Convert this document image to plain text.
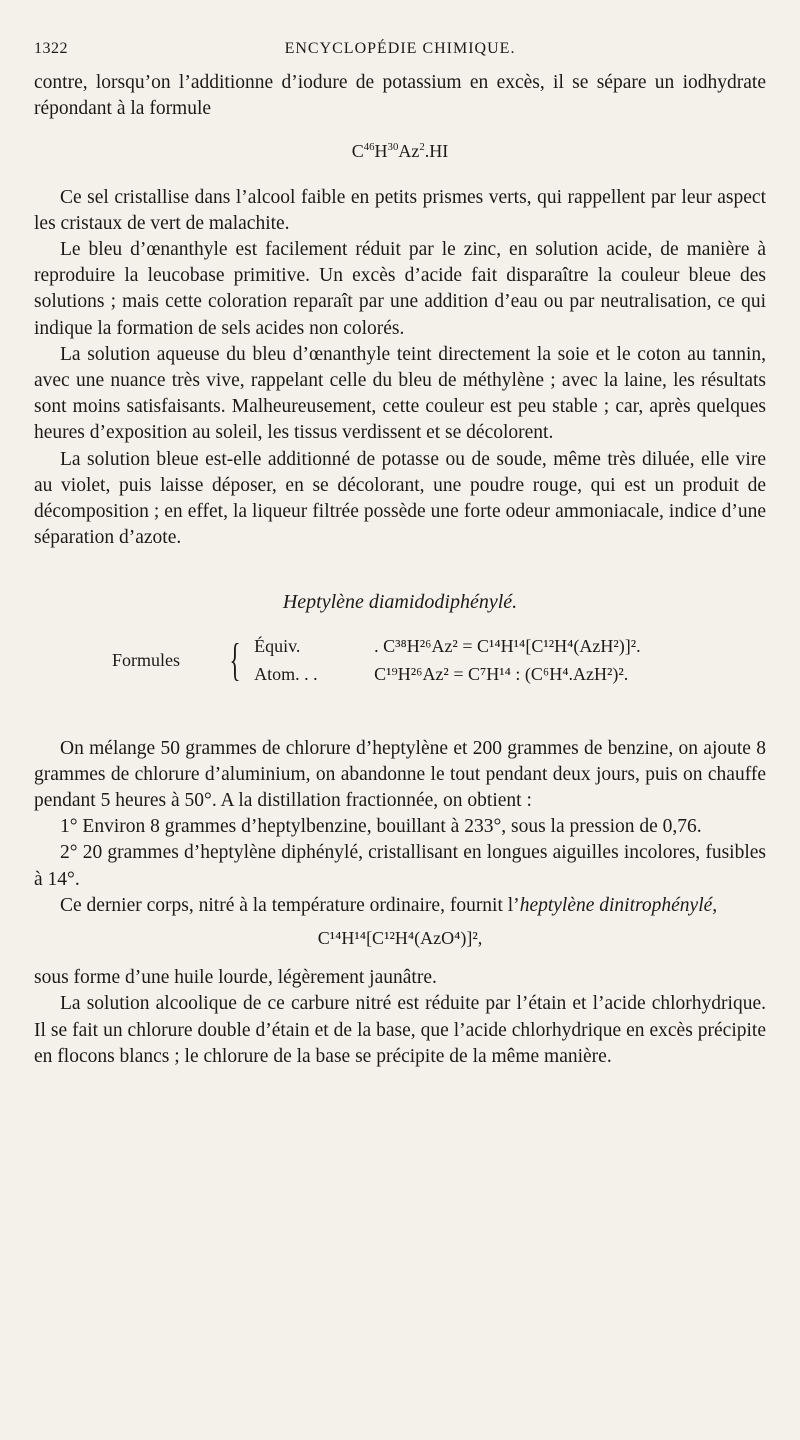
1322	ENCYCLOPÉDIE CHIMIQUE.

contre, lorsqu’on l’additionne d’iodure de potassium en excès, il se sépare un iodhydrate répondant à la formule

$C^{46}H^{30}Az^2.HI$

Ce sel cristallise dans l’alcool faible en petits prismes verts, qui rappellent par leur aspect les cristaux de vert de malachite.

Le bleu d’œnanthyle est facilement réduit par le zinc, en solution acide, de manière à reproduire la leucobase primitive. Un excès d’acide fait disparaître la couleur bleue des solutions ; mais cette coloration reparaît par une addition d’eau ou par neutralisation, ce qui indique la formation de sels acides non colorés.

La solution aqueuse du bleu d’œnanthyle teint directement la soie et le coton au tannin, avec une nuance très vive, rappelant celle du bleu de méthylène ; avec la laine, les résultats sont moins satisfaisants. Malheureusement, cette couleur est peu stable ; car, après quelques heures d’exposition au soleil, les tissus verdissent et se décolorent.

La solution bleue est-elle additionné de potasse ou de soude, même très diluée, elle vire au violet, puis laisse déposer, en se décolorant, une poudre rouge, qui est un produit de décomposition ; en effet, la liqueur filtrée possède une forte odeur ammoniacale, indice d’une séparation d’azote.

Heptylène diamidodiphénylé.
Formules	{ Équiv.	. C³⁸H²⁶Az² = C¹⁴H¹⁴[C¹²H⁴(AzH²)]².
Atom. . .	C¹⁹H²⁶Az² = C⁷H¹⁴ : (C⁶H⁴.AzH²)².

On mélange 50 grammes de chlorure d’heptylène et 200 grammes de benzine, on ajoute 8 grammes de chlorure d’aluminium, on abandonne le tout pendant deux jours, puis on chauffe pendant 5 heures à 50°. A la distillation fractionnée, on obtient :

1° Environ 8 grammes d’heptylbenzine, bouillant à 233°, sous la pression de 0,76.

2° 20 grammes d’heptylène diphénylé, cristallisant en longues aiguilles incolores, fusibles à 14°.

Ce dernier corps, nitré à la température ordinaire, fournit l’heptylène dinitrophénylé,

C¹⁴H¹⁴[C¹²H⁴(AzO⁴)]²,

sous forme d’une huile lourde, légèrement jaunâtre.

La solution alcoolique de ce carbure nitré est réduite par l’étain et l’acide chlorhydrique. Il se fait un chlorure double d’étain et de la base, que l’acide chlorhydrique en excès précipite en flocons blancs ; le chlorure de la base se précipite de la même manière.
